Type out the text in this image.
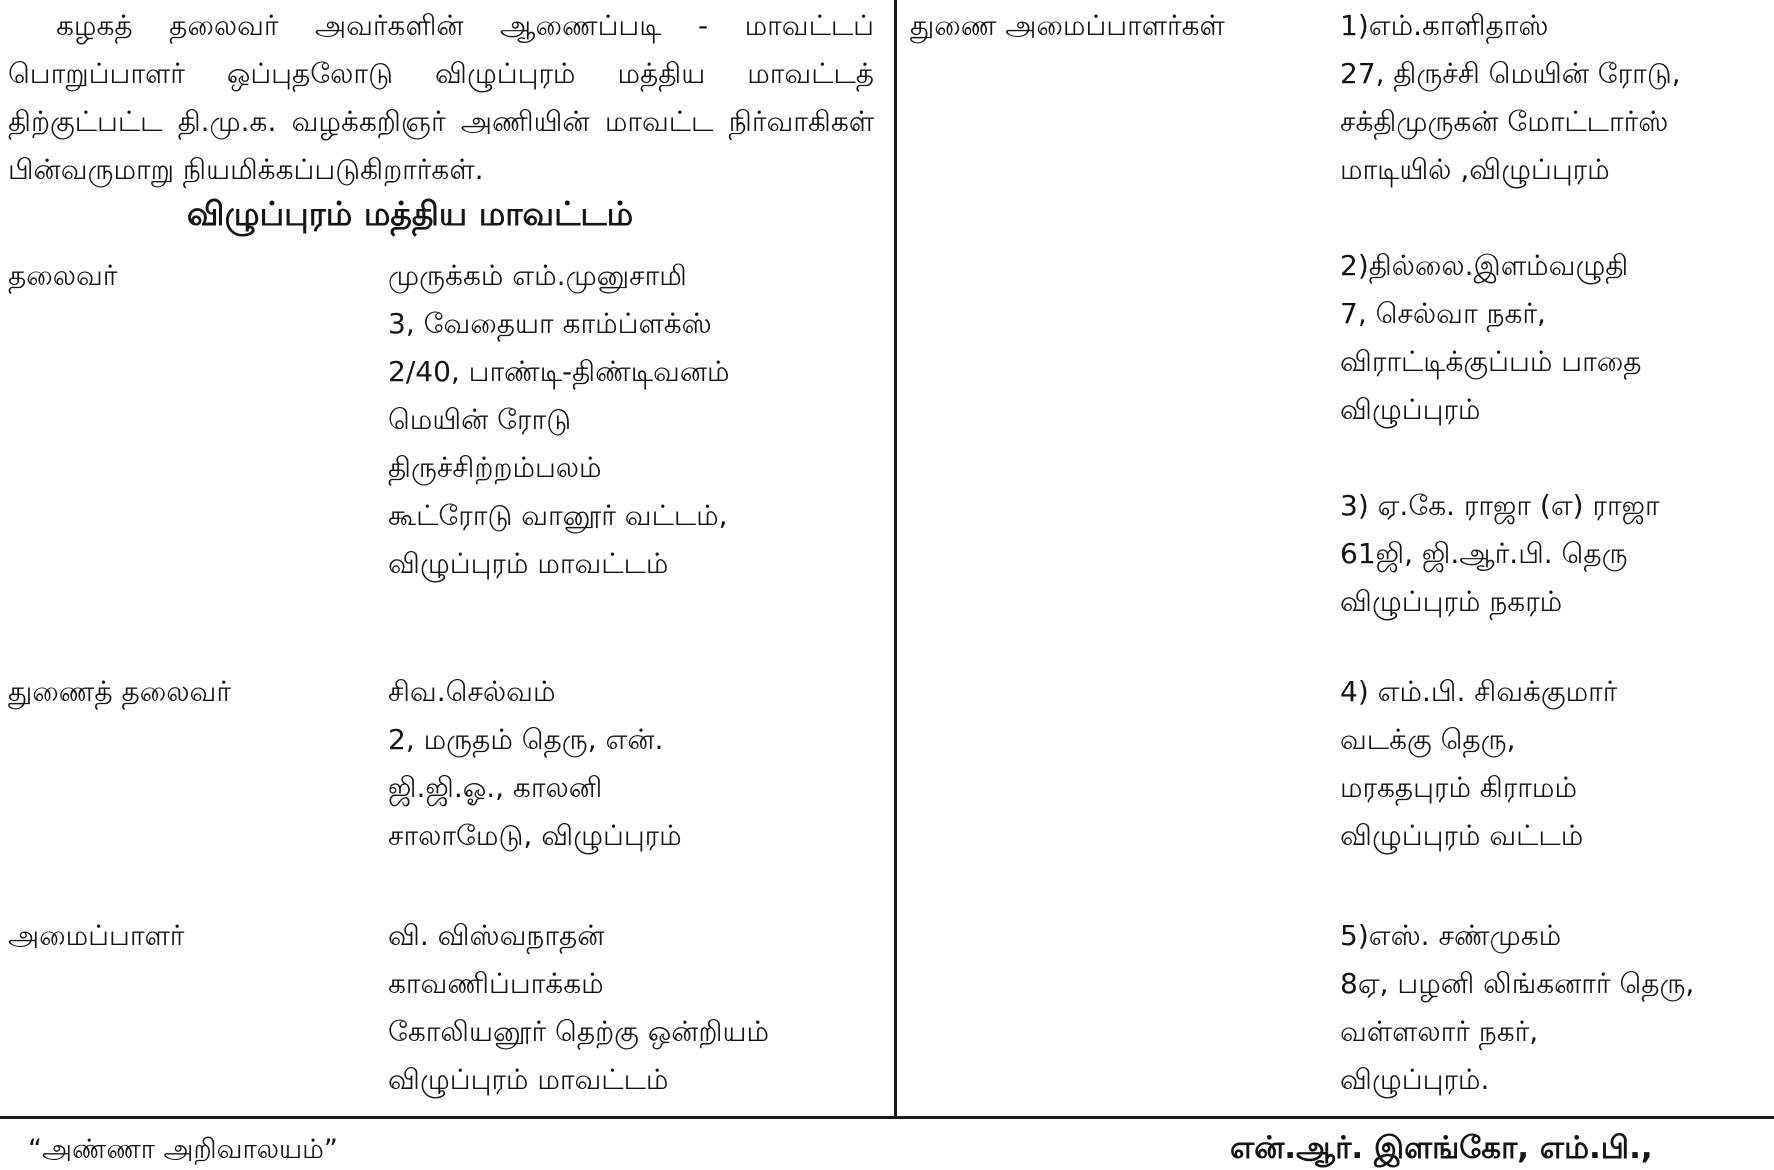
கழகத் தலைவர் அவர்களின் ஆணைப்படி - மாவட்டப் பொறுப்பாளர் ஒப்புதலோடு விழுப்புரம் மத்திய மாவட்டத் திற்குட்பட்ட தி.மு.க. வழக்கறிஞர் அணியின் மாவட்ட நிர்வாகிகள் பின்வருமாறு நியமிக்கப்படுகிறார்கள்.

விழுப்புரம் மத்திய மாவட்டம்
தலைவர்	முருக்கம் எம்.முனுசாமி
3, வேதையா காம்ப்ளக்ஸ்
2/40, பாண்டி-திண்டிவனம்
மெயின் ரோடு
திருச்சிற்றம்பலம்
கூட்ரோடு வானூர் வட்டம்,
விழுப்புரம் மாவட்டம்
துணைத் தலைவர்	சிவ.செல்வம்
2, மருதம் தெரு, என்.
ஜி.ஜி.ஓ., காலனி
சாலாமேடு, விழுப்புரம்
அமைப்பாளர்	வி. விஸ்வநாதன்
காவணிப்பாக்கம்
கோலியனூர் தெற்கு ஒன்றியம்
விழுப்புரம் மாவட்டம்
துணை அமைப்பாளர்கள்	1)எம்.காளிதாஸ்
27, திருச்சி மெயின் ரோடு,
சக்திமுருகன் மோட்டார்ஸ்
மாடியில் ,விழுப்புரம்
2)தில்லை.இளம்வழுதி
7, செல்வா நகர்,
விராட்டிக்குப்பம் பாதை
விழுப்புரம்
3) ஏ.கே. ராஜா (எ) ராஜா
61ஜி, ஜி.ஆர்.பி. தெரு
விழுப்புரம் நகரம்
4) எம்.பி. சிவக்குமார்
வடக்கு தெரு,
மரகதபுரம் கிராமம்
விழுப்புரம் வட்டம்
5)எஸ். சண்முகம்
8ஏ, பழனி லிங்கனார் தெரு,
வள்ளலார் நகர்,
விழுப்புரம்.
“அண்ணா அறிவாலயம்”	என்.ஆர். இளங்கோ, எம்.பி.,
